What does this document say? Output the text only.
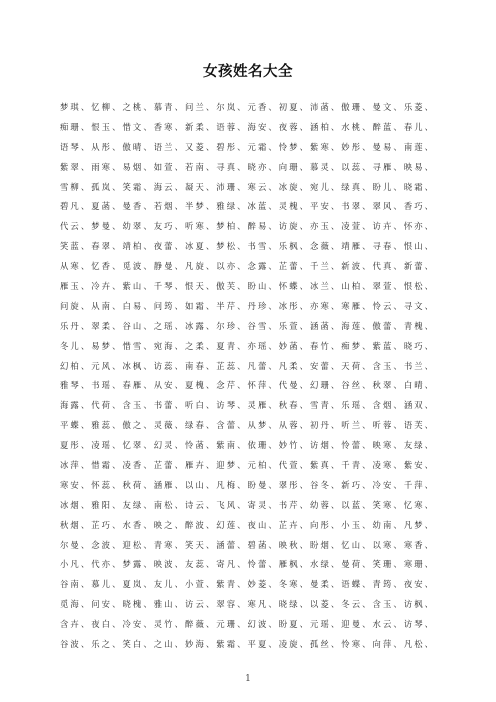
女孩姓名大全
梦琪、忆柳、之桃、慕青、问兰、尔岚、元香、初夏、沛菡、傲珊、曼文、乐菱、
痴珊、恨玉、惜文、香寒、新柔、语蓉、海安、夜蓉、涵柏、水桃、醉蓝、春儿、
语琴、从彤、傲晴、语兰、又菱、碧彤、元霜、怜梦、紫寒、妙彤、曼易、南莲、
紫翠、雨寒、易烟、如萱、若南、寻真、晓亦、向珊、慕灵、以蕊、寻雁、映易、
雪柳、孤岚、笑霜、海云、凝天、沛珊、寒云、冰旋、宛儿、绿真、盼儿、晓霜、
碧凡、夏菡、曼香、若烟、半梦、雅绿、冰蓝、灵槐、平安、书翠、翠风、香巧、
代云、梦曼、幼翠、友巧、听寒、梦柏、醉易、访旋、亦玉、凌萱、访卉、怀亦、
笑蓝、春翠、靖柏、夜蕾、冰夏、梦松、书雪、乐枫、念薇、靖雁、寻春、恨山、
从寒、忆香、觅波、静曼、凡旋、以亦、念露、芷蕾、千兰、新波、代真、新蕾、
雁玉、冷卉、紫山、千琴、恨天、傲芙、盼山、怀蝶、冰兰、山柏、翠萱、恨松、
问旋、从南、白易、问筠、如霜、半芹、丹珍、冰彤、亦寒、寒雁、怜云、寻文、
乐丹、翠柔、谷山、之瑶、冰露、尔珍、谷雪、乐萱、涵菡、海莲、傲蕾、青槐、
冬儿、易梦、惜雪、宛海、之柔、夏青、亦瑶、妙菡、春竹、痴梦、紫蓝、晓巧、
幻柏、元风、冰枫、访蕊、南春、芷蕊、凡蕾、凡柔、安蕾、天荷、含玉、书兰、
雅琴、书瑶、春雁、从安、夏槐、念芹、怀萍、代曼、幻珊、谷丝、秋翠、白晴、
海露、代荷、含玉、书蕾、听白、访琴、灵雁、秋春、雪青、乐瑶、含烟、涵双、
平蝶、雅蕊、傲之、灵薇、绿春、含蕾、从梦、从蓉、初丹、听兰、听蓉、语芙、
夏彤、凌瑶、忆翠、幻灵、怜菡、紫南、依珊、妙竹、访烟、怜蕾、映寒、友绿、
冰萍、惜霜、凌香、芷蕾、雁卉、迎梦、元柏、代萱、紫真、千青、凌寒、紫安、
寒安、怀蕊、秋荷、涵雁、以山、凡梅、盼曼、翠彤、谷冬、新巧、冷安、千萍、
冰烟、雅阳、友绿、南松、诗云、飞风、寄灵、书芹、幼蓉、以蓝、笑寒、忆寒、
秋烟、芷巧、水香、映之、醉波、幻莲、夜山、芷卉、向彤、小玉、幼南、凡梦、
尔曼、念波、迎松、青寒、笑天、涵蕾、碧菡、映秋、盼烟、忆山、以寒、寒香、
小凡、代亦、梦露、映波、友蕊、寄凡、怜蕾、雁枫、水绿、曼荷、笑珊、寒珊、
谷南、慕儿、夏岚、友儿、小萱、紫青、妙菱、冬寒、曼柔、语蝶、青筠、夜安、
觅海、问安、晓槐、雅山、访云、翠容、寒凡、晓绿、以菱、冬云、含玉、访枫、
含卉、夜白、冷安、灵竹、醉薇、元珊、幻波、盼夏、元瑶、迎曼、水云、访琴、
谷波、乐之、笑白、之山、妙海、紫霜、平夏、凌旋、孤丝、怜寒、向萍、凡松、
1
